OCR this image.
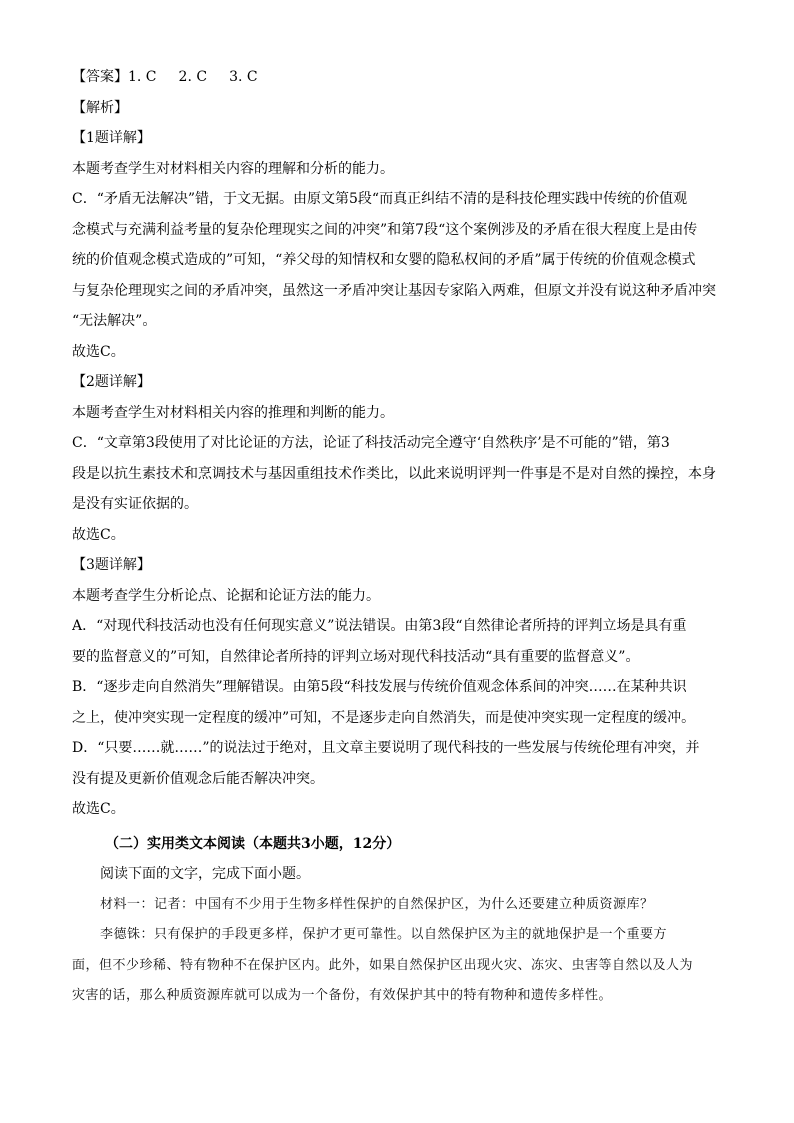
【答案】1. C 2. C 3. C

【解析】

【1题详解】

本题考查学生对材料相关内容的理解和分析的能力。

C．“矛盾无法解决”错，于文无据。由原文第5段“而真正纠结不清的是科技伦理实践中传统的价值观

念模式与充满利益考量的复杂伦理现实之间的冲突”和第7段“这个案例涉及的矛盾在很大程度上是由传

统的价值观念模式造成的”可知，“养父母的知情权和女婴的隐私权间的矛盾”属于传统的价值观念模式

与复杂伦理现实之间的矛盾冲突，虽然这一矛盾冲突让基因专家陷入两难，但原文并没有说这种矛盾冲突

“无法解决”。

故选C。

【2题详解】

本题考查学生对材料相关内容的推理和判断的能力。

C．“文章第3段使用了对比论证的方法，论证了科技活动完全遵守‘自然秩序’是不可能的”错，第3

段是以抗生素技术和烹调技术与基因重组技术作类比，以此来说明评判一件事是不是对自然的操控，本身

是没有实证依据的。

故选C。

【3题详解】

本题考查学生分析论点、论据和论证方法的能力。

A．“对现代科技活动也没有任何现实意义”说法错误。由第3段“自然律论者所持的评判立场是具有重

要的监督意义的”可知，自然律论者所持的评判立场对现代科技活动“具有重要的监督意义”。

B．“逐步走向自然消失”理解错误。由第5段“科技发展与传统价值观念体系间的冲突……在某种共识

之上，使冲突实现一定程度的缓冲”可知，不是逐步走向自然消失，而是使冲突实现一定程度的缓冲。

D．“只要……就……”的说法过于绝对，且文章主要说明了现代科技的一些发展与传统伦理有冲突，并

没有提及更新价值观念后能否解决冲突。

故选C。

（二）实用类文本阅读（本题共3小题，12分）

阅读下面的文字，完成下面小题。

材料一：记者：中国有不少用于生物多样性保护的自然保护区，为什么还要建立种质资源库？

李德铢：只有保护的手段更多样，保护才更可靠性。以自然保护区为主的就地保护是一个重要方

面，但不少珍稀、特有物种不在保护区内。此外，如果自然保护区出现火灾、冻灾、虫害等自然以及人为

灾害的话，那么种质资源库就可以成为一个备份，有效保护其中的特有物种和遗传多样性。
